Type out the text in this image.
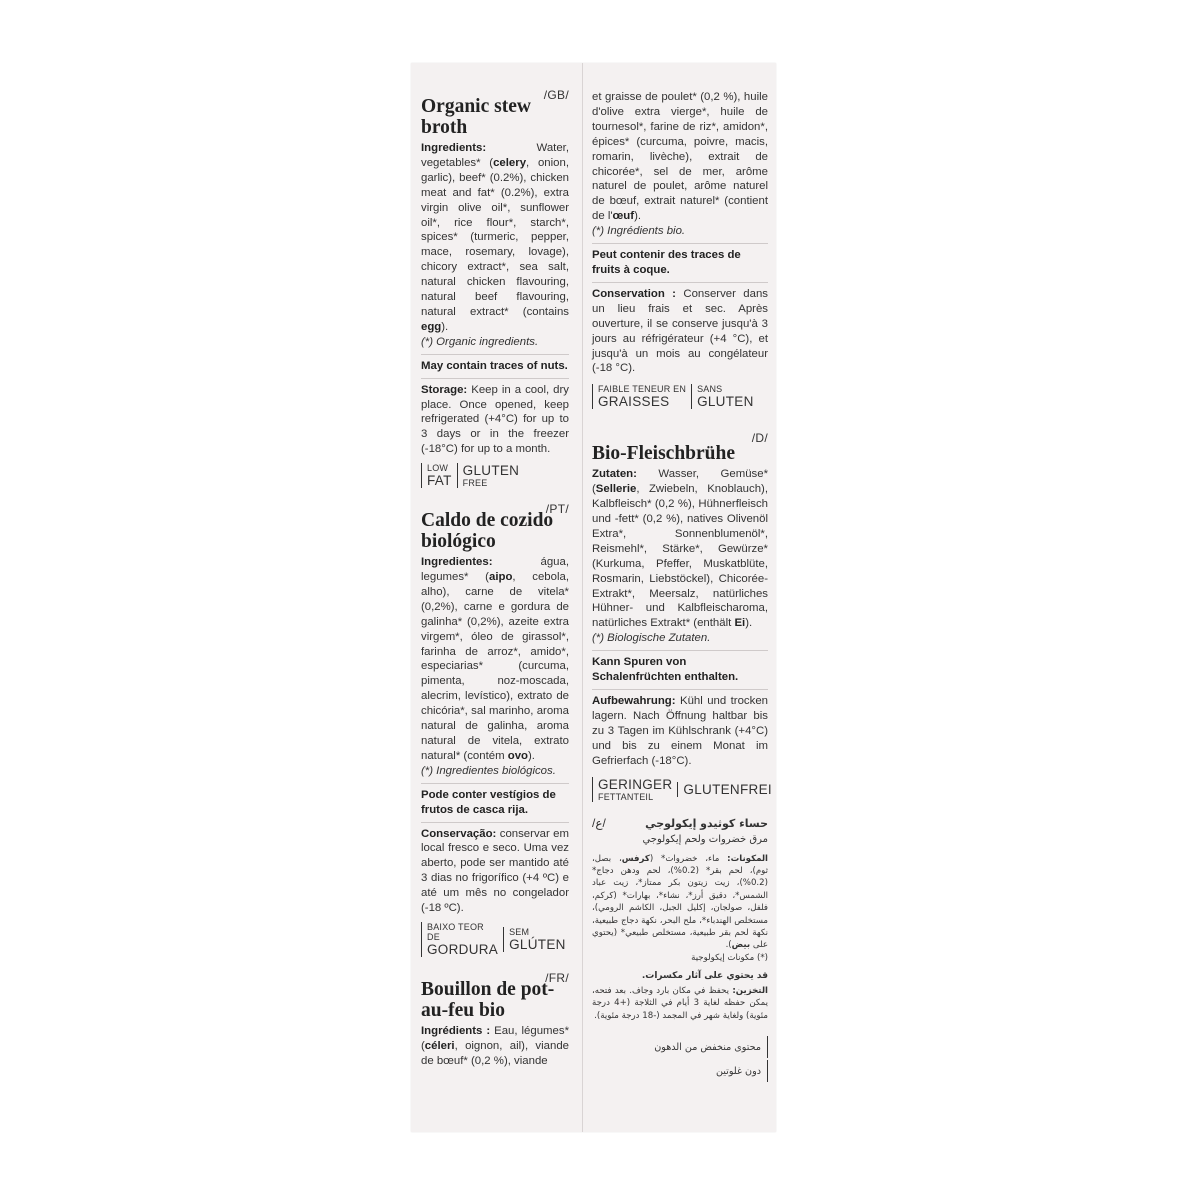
/GB/
Organic stew broth

Ingredients: Water, vegetables* (celery, onion, garlic), beef* (0.2%), chicken meat and fat* (0.2%), extra virgin olive oil*, sunflower oil*, rice flour*, starch*, spices* (turmeric, pepper, mace, rosemary, lovage), chicory extract*, sea salt, natural chicken flavouring, natural beef flavouring, natural extract* (contains egg).

(*) Organic ingredients.

May contain traces of nuts.

Storage: Keep in a cool, dry place. Once opened, keep refrigerated (+4°C) for up to 3 days or in the freezer (-18°C) for up to a month.

LOW
FAT
GLUTEN
FREE
/PT/
Caldo de cozido biológico

Ingredientes: água, legumes* (aipo, cebola, alho), carne de vitela* (0,2%), carne e gordura de galinha* (0,2%), azeite extra virgem*, óleo de girassol*, farinha de arroz*, amido*, especiarias* (curcuma, pimenta, noz-moscada, alecrim, levístico), extrato de chicória*, sal marinho, aroma natural de galinha, aroma natural de vitela, extrato natural* (contém ovo).

(*) Ingredientes biológicos.

Pode conter vestígios de frutos de casca rija.

Conservação: conservar em local fresco e seco. Uma vez aberto, pode ser mantido até 3 dias no frigorífico (+4 ºC) e até um mês no congelador (-18 ºC).

BAIXO TEOR DE
GORDURA
SEM
GLÚTEN
/FR/
Bouillon de pot-au-feu bio

Ingrédients : Eau, légumes* (céleri, oignon, ail), viande de bœuf* (0,2 %), viande

et graisse de poulet* (0,2 %), huile d'olive extra vierge*, huile de tournesol*, farine de riz*, amidon*, épices* (curcuma, poivre, macis, romarin, livèche), extrait de chicorée*, sel de mer, arôme naturel de poulet, arôme naturel de bœuf, extrait naturel* (contient de l'œuf).

(*) Ingrédients bio.

Peut contenir des traces de fruits à coque.

Conservation : Conserver dans un lieu frais et sec. Après ouverture, il se conserve jusqu'à 3 jours au réfrigérateur (+4 °C), et jusqu'à un mois au congélateur (-18 °C).

FAIBLE TENEUR EN
GRAISSES
SANS
GLUTEN
/D/
Bio-Fleischbrühe

Zutaten: Wasser, Gemüse* (Sellerie, Zwiebeln, Knoblauch), Kalbfleisch* (0,2 %), Hühnerfleisch und -fett* (0,2 %), natives Olivenöl Extra*, Sonnenblumenöl*, Reismehl*, Stärke*, Gewürze* (Kurkuma, Pfeffer, Muskatblüte, Rosmarin, Liebstöckel), Chicorée-Extrakt*, Meersalz, natürliches Hühner- und Kalbfleischaroma, natürliches Extrakt* (enthält Ei).

(*) Biologische Zutaten.

Kann Spuren von Schalenfrüchten enthalten.

Aufbewahrung: Kühl und trocken lagern. Nach Öffnung haltbar bis zu 3 Tagen im Kühlschrank (+4°C) und bis zu einem Monat im Gefrierfach (-18°C).

GERINGER
FETTANTEIL	GLUTENFREI
/ع/	حساء كوثيدو إيكولوجي
مرق خضروات ولحم إيكولوجي
المكونات: ماء، خضروات* (كرفس، بصل، ثوم)، لحم بقر* (0.2%)، لحم ودهن دجاج* (0.2%)، زيت زيتون بكر ممتاز*، زيت عباد الشمس*، دقيق أرز*، نشاء*، بهارات* (كركم، فلفل، صولجان، إكليل الجبل، الكاشم الرومي)، مستخلص الهندباء*، ملح البحر، نكهة دجاج طبيعية، نكهة لحم بقر طبيعية، مستخلص طبيعي* (يحتوي على بيض).
(*) مكونات إيكولوجية
قد يحتوي على آثار مكسرات.
التخزين: يحفظ في مكان بارد وجاف. بعد فتحه، يمكن حفظه لغاية 3 أيام في الثلاجة (+4 درجة مئوية) ولغاية شهر في المجمد (-18 درجة مئوية).
محتوى منخفض من الدهون
دون غلوتين
